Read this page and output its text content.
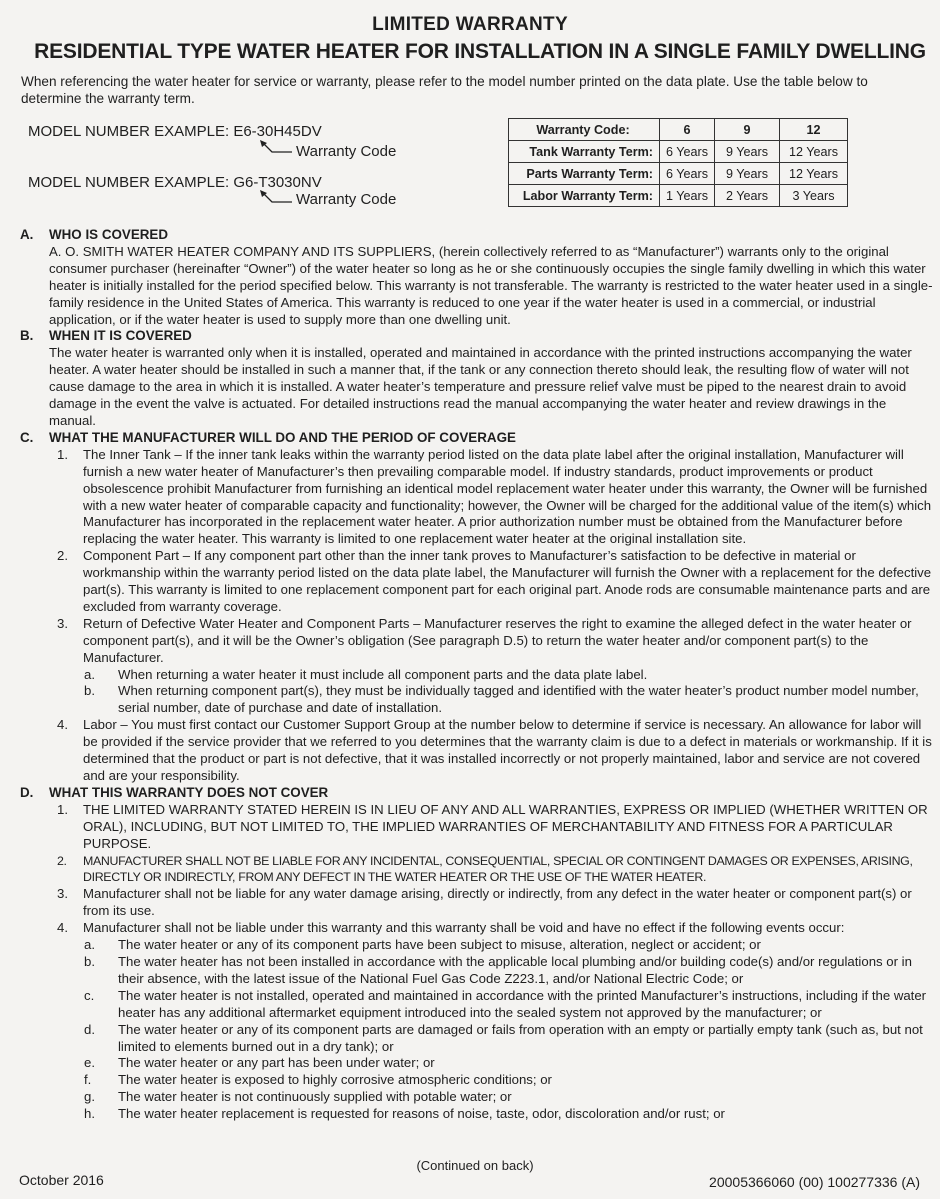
LIMITED WARRANTY
RESIDENTIAL TYPE WATER HEATER FOR INSTALLATION IN A SINGLE FAMILY DWELLING
When referencing the water heater for service or warranty, please refer to the model number printed on the data plate. Use the table below to determine the warranty term.
MODEL NUMBER EXAMPLE: E6-30H45DV
Warranty Code
MODEL NUMBER EXAMPLE: G6-T3030NV
Warranty Code
Warranty Code:	6	9	12
Tank Warranty Term:	6 Years	9 Years	12 Years
Parts Warranty Term:	6 Years	9 Years	12 Years
Labor Warranty Term:	1 Years	2 Years	3 Years
A. WHO IS COVERED
A. O. SMITH WATER HEATER COMPANY AND ITS SUPPLIERS, (herein collectively referred to as “Manufacturer”) warrants only to the original consumer purchaser (hereinafter “Owner”) of the water heater so long as he or she continuously occupies the single family dwelling in which this water heater is initially installed for the period specified below. This warranty is not transferable. The warranty is restricted to the water heater used in a single-family residence in the United States of America. This warranty is reduced to one year if the water heater is used in a commercial, or industrial application, or if the water heater is used to supply more than one dwelling unit.
B. WHEN IT IS COVERED
The water heater is warranted only when it is installed, operated and maintained in accordance with the printed instructions accompanying the water heater. A water heater should be installed in such a manner that, if the tank or any connection thereto should leak, the resulting flow of water will not cause damage to the area in which it is installed. A water heater’s temperature and pressure relief valve must be piped to the nearest drain to avoid damage in the event the valve is actuated. For detailed instructions read the manual accompanying the water heater and review drawings in the manual.
C. WHAT THE MANUFACTURER WILL DO AND THE PERIOD OF COVERAGE
1. The Inner Tank – If the inner tank leaks within the warranty period listed on the data plate label after the original installation, Manufacturer will furnish a new water heater of Manufacturer’s then prevailing comparable model. If industry standards, product improvements or product obsolescence prohibit Manufacturer from furnishing an identical model replacement water heater under this warranty, the Owner will be furnished with a new water heater of comparable capacity and functionality; however, the Owner will be charged for the additional value of the item(s) which Manufacturer has incorporated in the replacement water heater. A prior authorization number must be obtained from the Manufacturer before replacing the water heater. This warranty is limited to one replacement water heater at the original installation site.
2. Component Part – If any component part other than the inner tank proves to Manufacturer’s satisfaction to be defective in material or workmanship within the warranty period listed on the data plate label, the Manufacturer will furnish the Owner with a replacement for the defective part(s). This warranty is limited to one replacement component part for each original part. Anode rods are consumable maintenance parts and are excluded from warranty coverage.
3. Return of Defective Water Heater and Component Parts – Manufacturer reserves the right to examine the alleged defect in the water heater or component part(s), and it will be the Owner’s obligation (See paragraph D.5) to return the water heater and/or component part(s) to the Manufacturer.
a. When returning a water heater it must include all component parts and the data plate label.
b. When returning component part(s), they must be individually tagged and identified with the water heater’s product number model number, serial number, date of purchase and date of installation.
4. Labor – You must first contact our Customer Support Group at the number below to determine if service is necessary. An allowance for labor will be provided if the service provider that we referred to you determines that the warranty claim is due to a defect in materials or workmanship. If it is determined that the product or part is not defective, that it was installed incorrectly or not properly maintained, labor and service are not covered and are your responsibility.
D. WHAT THIS WARRANTY DOES NOT COVER
1. THE LIMITED WARRANTY STATED HEREIN IS IN LIEU OF ANY AND ALL WARRANTIES, EXPRESS OR IMPLIED (WHETHER WRITTEN OR ORAL), INCLUDING, BUT NOT LIMITED TO, THE IMPLIED WARRANTIES OF MERCHANTABILITY AND FITNESS FOR A PARTICULAR PURPOSE.
2. MANUFACTURER SHALL NOT BE LIABLE FOR ANY INCIDENTAL, CONSEQUENTIAL, SPECIAL OR CONTINGENT DAMAGES OR EXPENSES, ARISING, DIRECTLY OR INDIRECTLY, FROM ANY DEFECT IN THE WATER HEATER OR THE USE OF THE WATER HEATER.
3. Manufacturer shall not be liable for any water damage arising, directly or indirectly, from any defect in the water heater or component part(s) or from its use.
4. Manufacturer shall not be liable under this warranty and this warranty shall be void and have no effect if the following events occur:
a. The water heater or any of its component parts have been subject to misuse, alteration, neglect or accident; or
b. The water heater has not been installed in accordance with the applicable local plumbing and/or building code(s) and/or regulations or in their absence, with the latest issue of the National Fuel Gas Code Z223.1, and/or National Electric Code; or
c. The water heater is not installed, operated and maintained in accordance with the printed Manufacturer’s instructions, including if the water heater has any additional aftermarket equipment introduced into the sealed system not approved by the manufacturer; or
d. The water heater or any of its component parts are damaged or fails from operation with an empty or partially empty tank (such as, but not limited to elements burned out in a dry tank); or
e. The water heater or any part has been under water; or
f. The water heater is exposed to highly corrosive atmospheric conditions; or
g. The water heater is not continuously supplied with potable water; or
h. The water heater replacement is requested for reasons of noise, taste, odor, discoloration and/or rust; or
(Continued on back)
October 2016	20005366060 (00) 100277336 (A)
